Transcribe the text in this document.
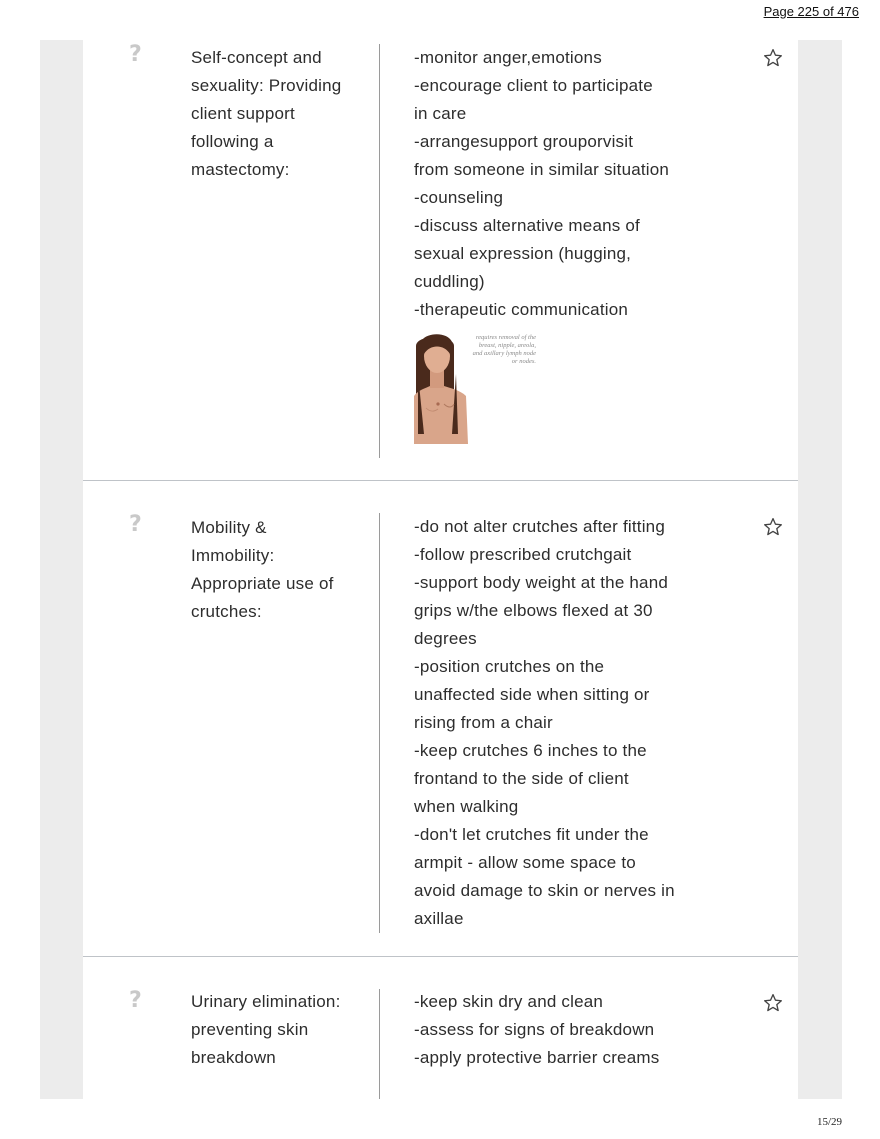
Page 225 of 476
?	Self-concept and
sexuality: Providing
client support
following a
mastectomy:
-monitor anger,emotions
-encourage client to participate
in care
-arrangesupport grouporvisit
from someone in similar situation
-counseling
-discuss alternative means of
sexual expression (hugging,
cuddling)
-therapeutic communication
requires removal of the
breast, nipple, areola,
and axillary lymph node
or nodes.
?	Mobility &
Immobility:
Appropriate use of
crutches:
-do not alter crutches after fitting
-follow prescribed crutchgait
-support body weight at the hand
grips w/the elbows flexed at 30
degrees
-position crutches on the
unaffected side when sitting or
rising from a chair
-keep crutches 6 inches to the
frontand to the side of client
when walking
-don't let crutches fit under the
armpit - allow some space to
avoid damage to skin or nerves in
axillae
?	Urinary elimination:
preventing skin
breakdown
-keep skin dry and clean
-assess for signs of breakdown
-apply protective barrier creams
15/29
